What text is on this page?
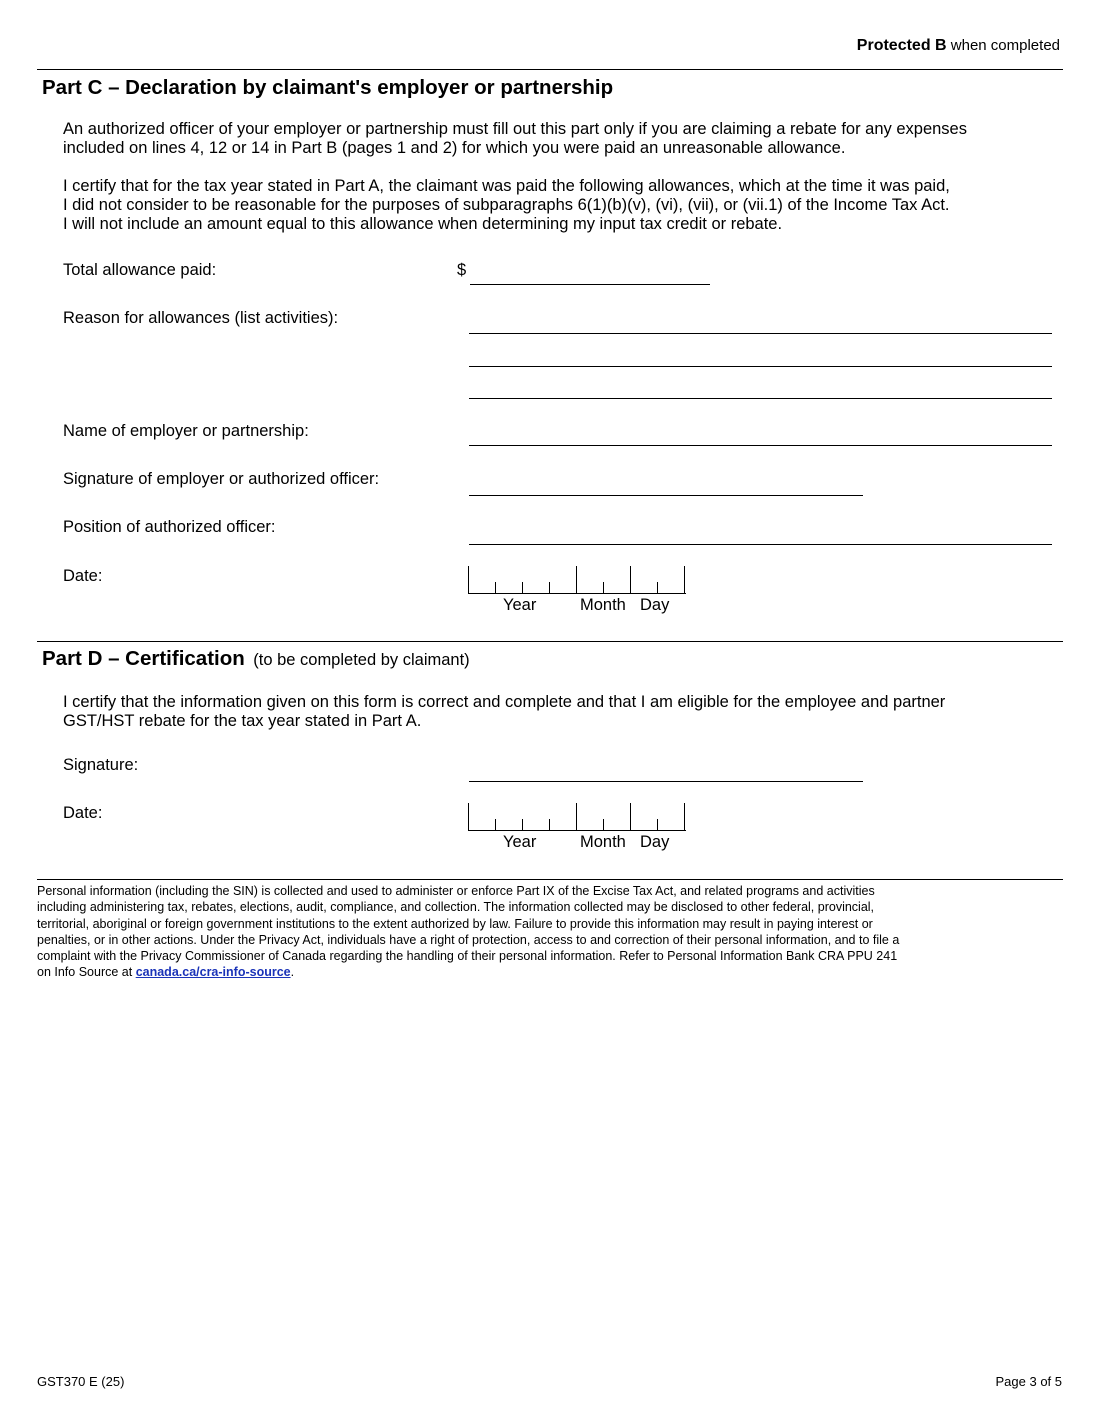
Protected B when completed
Part C – Declaration by claimant's employer or partnership
An authorized officer of your employer or partnership must fill out this part only if you are claiming a rebate for any expenses
included on lines 4, 12 or 14 in Part B (pages 1 and 2) for which you were paid an unreasonable allowance.
I certify that for the tax year stated in Part A, the claimant was paid the following allowances, which at the time it was paid,
I did not consider to be reasonable for the purposes of subparagraphs 6(1)(b)(v), (vi), (vii), or (vii.1) of the Income Tax Act.
I will not include an amount equal to this allowance when determining my input tax credit or rebate.
Total allowance paid:	$
Reason for allowances (list activities):
Name of employer or partnership:
Signature of employer or authorized officer:
Position of authorized officer:
Date:
Year	Month Day
Part D – Certification (to be completed by claimant)
I certify that the information given on this form is correct and complete and that I am eligible for the employee and partner
GST/HST rebate for the tax year stated in Part A.
Signature:
Date:
Year	Month Day
Personal information (including the SIN) is collected and used to administer or enforce Part IX of the Excise Tax Act, and related programs and activities
including administering tax, rebates, elections, audit, compliance, and collection. The information collected may be disclosed to other federal, provincial,
territorial, aboriginal or foreign government institutions to the extent authorized by law. Failure to provide this information may result in paying interest or
penalties, or in other actions. Under the Privacy Act, individuals have a right of protection, access to and correction of their personal information, and to file a
complaint with the Privacy Commissioner of Canada regarding the handling of their personal information. Refer to Personal Information Bank CRA PPU 241
on Info Source at canada.ca/cra-info-source.
GST370 E (25)	Page 3 of 5
